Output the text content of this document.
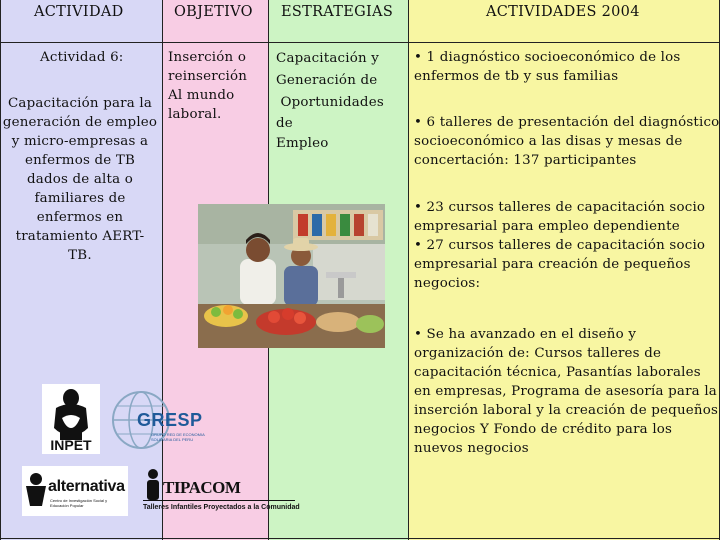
ACTIVIDAD	OBJETIVO ESTRATEGIAS	ACTIVIDADES 2004
Actividad 6:
Capacitación para la
generación de empleo
y micro-empresas a
enfermos de TB
dados de alta o
familiares de
enfermos en
tratamiento AERT-
TB.
Inserción o
reinserción
Al mundo
laboral.
Capacitación y
Generación de
Oportunidades
de
Empleo
• 1 diagnóstico socioeconómico de los
enfermos de tb y sus familias
• 6 talleres de presentación del diagnóstico
socioeconómico a las disas y mesas de
concertación: 137 participantes
• 23 cursos talleres de capacitación socio
empresarial para empleo dependiente
• 27 cursos talleres de capacitación socio
empresarial para creación de pequeños
negocios:
• Se ha avanzado en el diseño y
organización de: Cursos talleres de
capacitación técnica, Pasantías laborales
en empresas, Programa de asesoría para la
inserción laboral y la creación de pequeños
negocios Y Fondo de crédito para los
nuevos negocios
INPET
GRESP
GRUPO RED DE ECONOMIA SOLIDARIA DEL PERU
alternativa
Centro de Investigación Social y Educación Popular
TIPACOM
Talleres Infantiles Proyectados a la Comunidad
